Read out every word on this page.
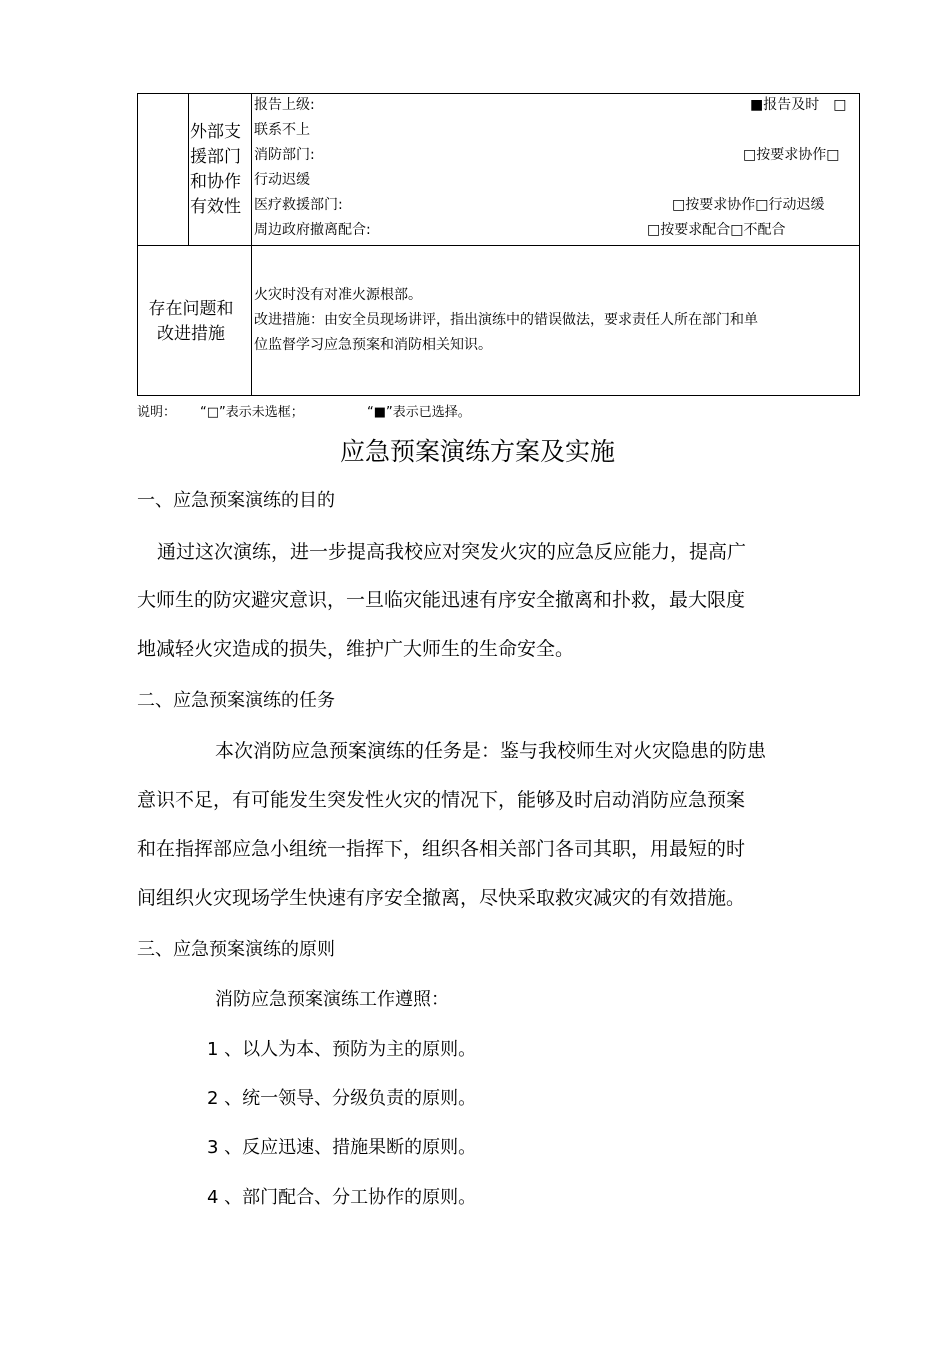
外部支
援部门
和协作
有效性
报告上级:	■报告及时　□
联系不上
消防部门:	□按要求协作□
行动迟缓
医疗救援部门:	□按要求协作□行动迟缓
周边政府撤离配合:	□按要求配合□不配合
存在问题和
改进措施
火灾时没有对准火源根部。
改进措施：由安全员现场讲评，指出演练中的错误做法，要求责任人所在部门和单
位监督学习应急预案和消防相关知识。
说明： “□”表示未选框；	“■”表示已选择。
应急预案演练方案及实施
一、应急预案演练的目的
通过这次演练，进一步提高我校应对突发火灾的应急反应能力，提高广
大师生的防灾避灾意识，一旦临灾能迅速有序安全撤离和扑救，最大限度
地减轻火灾造成的损失，维护广大师生的生命安全。
二、应急预案演练的任务
本次消防应急预案演练的任务是：鉴与我校师生对火灾隐患的防患
意识不足，有可能发生突发性火灾的情况下，能够及时启动消防应急预案
和在指挥部应急小组统一指挥下，组织各相关部门各司其职，用最短的时
间组织火灾现场学生快速有序安全撤离，尽快采取救灾减灾的有效措施。
三、应急预案演练的原则
消防应急预案演练工作遵照：
1 、以人为本、预防为主的原则。
2 、统一领导、分级负责的原则。
3 、反应迅速、措施果断的原则。
4 、部门配合、分工协作的原则。
